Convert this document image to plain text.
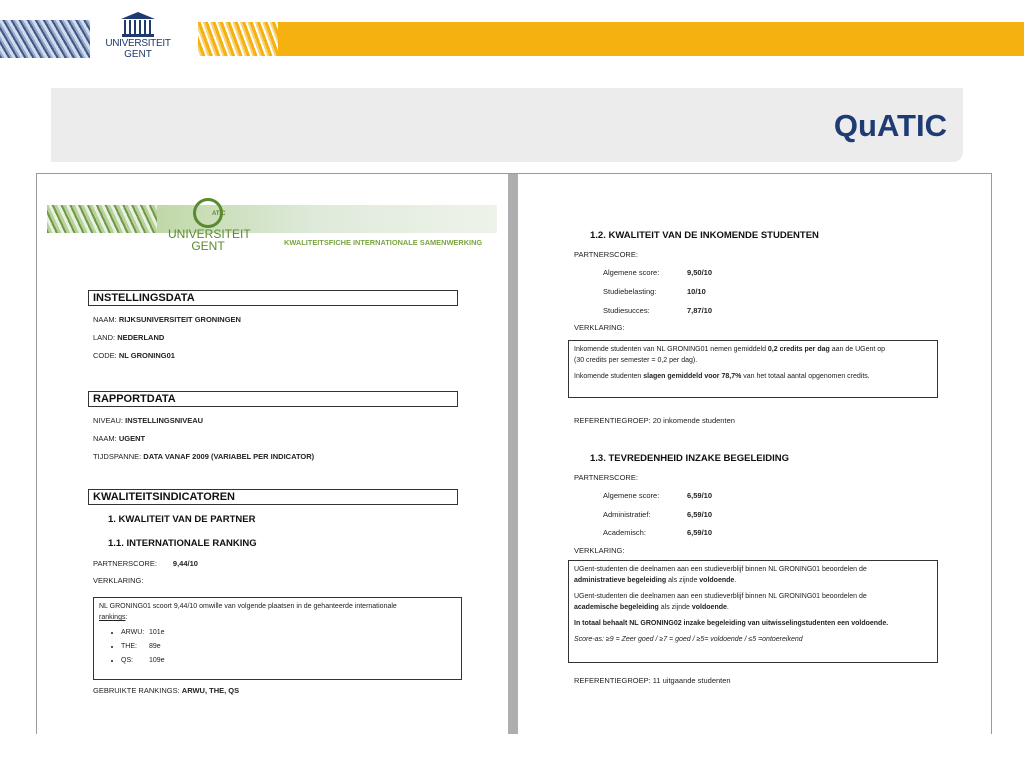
UNIVERSITEIT
GENT
QuATIC
ATIC
UNIVERSITEIT
GENT	KWALITEITSFICHE INTERNATIONALE SAMENWERKING
INSTELLINGSDATA
NAAM: RIJKSUNIVERSITEIT GRONINGEN
LAND: NEDERLAND
CODE: NL GRONING01
RAPPORTDATA
NIVEAU: INSTELLINGSNIVEAU
NAAM: UGENT
TIJDSPANNE: DATA VANAF 2009 (VARIABEL PER INDICATOR)
KWALITEITSINDICATOREN
1. KWALITEIT VAN DE PARTNER
1.1. INTERNATIONALE RANKING
PARTNERSCORE: 9,44/10
VERKLARING:

NL GRONING01 scoort 9,44/10 omwille van volgende plaatsen in de gehanteerde internationale
rankings:

• ARWU: 101e
• THE: 89e
• QS: 109e
GEBRUIKTE RANKINGS: ARWU, THE, QS
1.2. KWALITEIT VAN DE INKOMENDE STUDENTEN
PARTNERSCORE:
Algemene score:	9,50/10
Studiebelasting:	10/10
Studiesucces:	7,87/10
VERKLARING:

Inkomende studenten van NL GRONING01 nemen gemiddeld 0,2 credits per dag aan de UGent op
(30 credits per semester = 0,2 per dag).

Inkomende studenten slagen gemiddeld voor 78,7% van het totaal aantal opgenomen credits.

REFERENTIEGROEP: 20 inkomende studenten
1.3. TEVREDENHEID INZAKE BEGELEIDING
PARTNERSCORE:
Algemene score:	6,59/10
Administratief:	6,59/10
Academisch:	6,59/10
VERKLARING:

UGent-studenten die deelnamen aan een studieverblijf binnen NL GRONING01 beoordelen de
administratieve begeleiding als zijnde voldoende.

UGent-studenten die deelnamen aan een studieverblijf binnen NL GRONING01 beoordelen de
academische begeleiding als zijnde voldoende.

In totaal behaalt NL GRONING02 inzake begeleiding van uitwisselingstudenten een voldoende.

Score-as: ≥9 = Zeer goed / ≥7 = goed / ≥5= voldoende / ≤5 =ontoereikend

REFERENTIEGROEP: 11 uitgaande studenten
